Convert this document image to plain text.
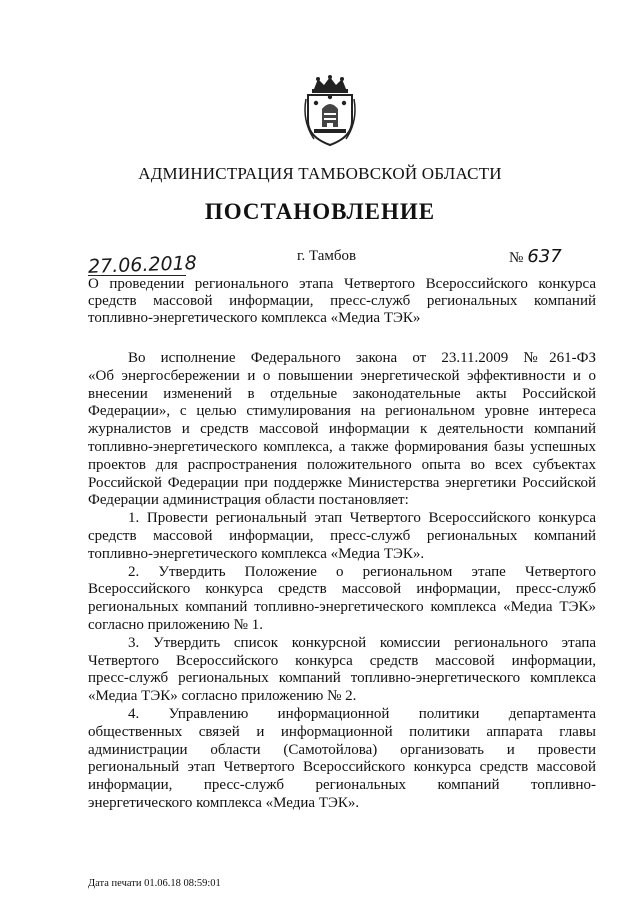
АДМИНИСТРАЦИЯ ТАМБОВСКОЙ ОБЛАСТИ
ПОСТАНОВЛЕНИЕ
27.06.2018	г. Тамбов	№ 637
О проведении регионального этапа Четвертого Всероссийского конкурса
средств массовой информации, пресс-служб региональных компаний
топливно-энергетического комплекса «Медиа ТЭК»
Во исполнение Федерального закона от 23.11.2009 №261-ФЗ
«Об энергосбережении и о повышении энергетической эффективности и о
внесении изменений в отдельные законодательные акты Российской
Федерации», с целью стимулирования на региональном уровне интереса
журналистов и средств массовой информации к деятельности компаний
топливно-энергетического комплекса, а также формирования базы успешных
проектов для распространения положительного опыта во всех субъектах
Российской Федерации при поддержке Министерства энергетики Российской
Федерации администрация области постановляет:
1. Провести региональный этап Четвертого Всероссийского конкурса
средств массовой информации, пресс-служб региональных компаний
топливно-энергетического комплекса «Медиа ТЭК».
2. Утвердить Положение о региональном этапе Четвертого
Всероссийского конкурса средств массовой информации, пресс-служб
региональных компаний топливно-энергетического комплекса «Медиа ТЭК»
согласно приложению № 1.
3. Утвердить список конкурсной комиссии регионального этапа
Четвертого Всероссийского конкурса средств массовой информации,
пресс-служб региональных компаний топливно-энергетического комплекса
«Медиа ТЭК» согласно приложению № 2.
4. Управлению информационной политики департамента
общественных связей и информационной политики аппарата главы
администрации области (Самотойлова) организовать и провести
региональный этап Четвертого Всероссийского конкурса средств массовой
информации, пресс-служб региональных компаний топливно-
энергетического комплекса «Медиа ТЭК».
Дата печати 01.06.18 08:59:01
